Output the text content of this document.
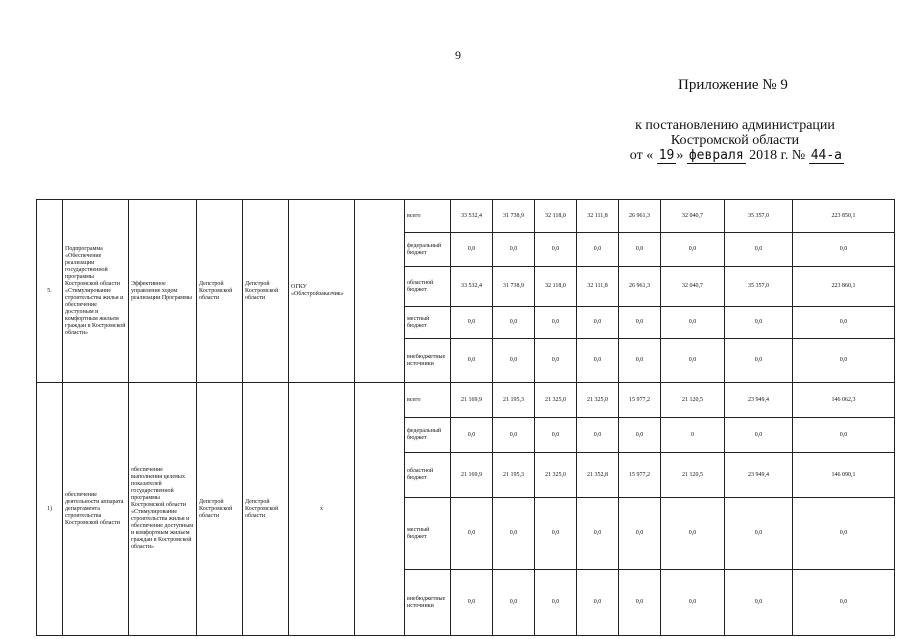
9
Приложение № 9
к постановлению администрации
Костромской области
от « 19 » февраля 2018 г. № 44-а
5.	Подпрограмма «Обеспечение реализации государственной программы Костромской области «Стимулирование строительства жилья и обеспечение доступным и комфортным жильем граждан в Костромской области»	Эффективное управление ходом реализации Программы	Депстрой Костромской области	Депстрой Костромской области	ОГКУ «Облстройзаказчик»		всего	33 532,4	31 738,9	32 118,0	32 111,8	26 961,3	32 040,7	35 357,0	223 850,1	
							федеральный бюджет	0,0	0,0	0,0	0,0	0,0	0,0	0,0	0,0	
							областной бюджет	33 532,4	31 738,9	32 118,0	32 111,8	26 961,3	32 040,7	35 357,0	223 860,1	
							местный бюджет	0,0	0,0	0,0	0,0	0,0	0,0	0,0	0,0	
							внебюджетные источники	0,0	0,0	0,0	0,0	0,0	0,0	0,0	0,0	
1)	обеспечение деятельности аппарата департамента строительства Костромской области	обеспечение выполнения целевых показателей государственной программы Костромской области «Стимулирование строительства жилья и обеспечение доступным и комфортным жильем граждан в Костромской области»	Депстрой Костромской области	Депстрой Костромской области	х		всего	21 169,9	21 195,3	21 325,0	21 325,0	15 977,2	21 120,5	23 949,4	146 062,3	
							федеральный бюджет	0,0	0,0	0,0	0,0	0,0	0	0,0	0,0	
							областной бюджет	21 169,9	21 195,3	21 325,0	21 352,8	15 977,2	21 120,5	23 949,4	146 090,1	
							местный бюджет	0,0	0,0	0,0	0,0	0,0	0,0	0,0	0,0	
							внебюджетные источники	0,0	0,0	0,0	0,0	0,0	0,0	0,0	0,0	
